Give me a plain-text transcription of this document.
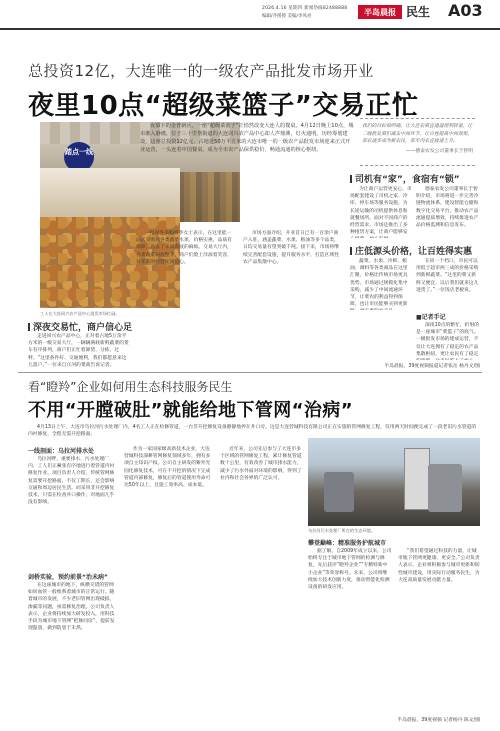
2026.4.16 星期四 新闻热线82488888
编辑/齐援援 美编/李凤亮	半岛晨报 民生 A03
总投资12亿，大连唯一的一级农产品批发市场开业
夜里10点“超级菜篮子”交易正忙
踏点一线
夜幕下的金普新区，一座“超级菜篮子”正悄然改变大连人的餐桌。4月12日晚上10点，城市渐入静谧，位于三十里堡街道的大连同兴农产品中心却人声鼎沸，灯火通明。历经筹划建设，这座总投资12亿元、占地近50万平方米的大连市唯一的一级农产品批发市场迎来正式开业运营，一头连着中国餐桌，成为全市农产品保供稳价、畅通流通的核心枢纽。
我们的目标很明确，让大连农商直通道理利转量，让二级批发商们减去中间环节。让百姓提高中间效果，菜农逐步成为新农民，菜市肉农直接逐上升。
——德泰农发公司董事长于智明
工人在大连同兴农产品中心批发市场忙碌。
深夜交易忙，商户信心足
走进同兴农产品中心，正对着占地5万余平方米的一级交易大厅，一辆辆满载新鲜蔬菜的货车有序排列，商户们正忙着卸货、分拣、过秤。“这里条件好、交通便利，我们都愿意来这儿落户。”一位来自庄河的菜商告诉记者。
一位对外采购商李女士表示，在这里能一站式采购到各类蔬菜水果，价格实惠，品质有保障，省去了来回奔波的麻烦。交易大厅内，各类蔬菜码放整齐，商户们脸上洋溢着笑容，对未来的经营充满信心。
市场方面介绍，开业首日已有一百余户商户入驻，涵盖蔬菜、水果、粮油等多个品类，日均交易量有望突破千吨。接下来，市场将继续完善配套设施，提升服务水平，打造区域性农产品集散中心。
司机有“家”，食宿有“锁”
为让商户运营更安心，市场配套建设了司机之家、冷库、停车场等服务设施，为长途运输的司机提供休息和就餐场所。面对不同商户的经营需求，市场还推出了多种租赁方案，让商户能够安
德泰农发公司董事长于智明介绍，市场将进一步完善冷链物流体系，建设智能仓储和数字化交易平台，推动农产品流通提质增效，持续推进农产品价格监测和信息发布。
庄低源头价格，让百姓得实惠
蔬菜、水果、冷鲜、粮油、调料等各类商品在这里汇聚，价格比传统市场更具优势。市场通过规模化集中采购，减少了中间流通环节，让菜农的利益得到保障，也让市民能够买到更新
在同一个档口，市民可以用低于超市两三成的价格采购到新鲜蔬菜。“这里的菜又新鲜又便宜，以后我们就来这儿进货了。”一位饭店老板说。
■记者手记
深夜10点的繁忙，折射的是一座城市“菜篮子”的底气。一级批发市场的建成运营，不仅让大连拥有了稳定的农产品集散枢纽，更让农民有了稳定
半岛晨报、39度视频报道记者张岳 杨丹文/图
看“瞪羚”企业如何用生态科技服务民生
不用“开膛破肚”就能给地下管网“治病”
4月13日上午，大连市乌拉河污水处理厂内，4名工人正在检修管道，一台非开挖修复设备静静地停在井口旁。这是大连营城科技有限公司正在实施的管网修复工程，仅用两天时间便完成了一段老旧污水管道的内衬修复，全程无需开挖路面。
一线剖面：乌拉河排水处
乌拉河畔，重要排水、污水处理厂内，工人们正紧张有序地进行着管道内衬修复作业。项目负责人介绍，传统管网修复需要开挖路面，不仅工期长，还会影响交通和周边居民生活。而采用非开挖修复技术，只需在检查井口操作，对地面几乎没有影响。
剑桥实验，预约前景“治未病”
在这座城市的地下，纵横交错的管网如同血管一般维系着城市的正常运行。随着城市的发展，不少老旧管网出现破损、渗漏等问题，亟需修复治理。公司负责人表示，企业将持续加大研发投入，用科技手段为城市地下管网“把脉问诊”，提前发现隐患，做到防患于未然。
作为一家国家级高新技术企业，大连营城科技深耕管网修复领域多年，拥有多项自主知识产权。公司自主研发的紫外光固化修复技术，可在不开挖的情况下完成管道内部修复，修复后的管道使用寿命可达50年以上，且施工效率高、成本低。
近年来，公司先后参与了大连市多个区域的管网修复工程，累计修复管道数十公里，有效改善了城市排水能力，减少了污水外溢对环境的影响，得到了业内和社会各界的广泛认可。
乌拉河污水处理厂所在的生态环境。
攀登巅峰：精准服务护航城市
据了解，自2009年成立以来，公司始终专注于城市地下管网的检测与修复，先后获评“瞪羚企业”“专精特新中小企业”等荣誉称号。未来，公司将继续加大技术创新力度，推动智能化检测设备的研发应用。
“我们希望通过科技的力量，让城市地下管网更健康、更安全。”公司负责人表示，企业将积极参与城市更新和韧性城市建设，用实际行动服务民生，为大连高质量发展贡献力量。
半岛晨报、39度视频 记者杨丹 陈文/图
